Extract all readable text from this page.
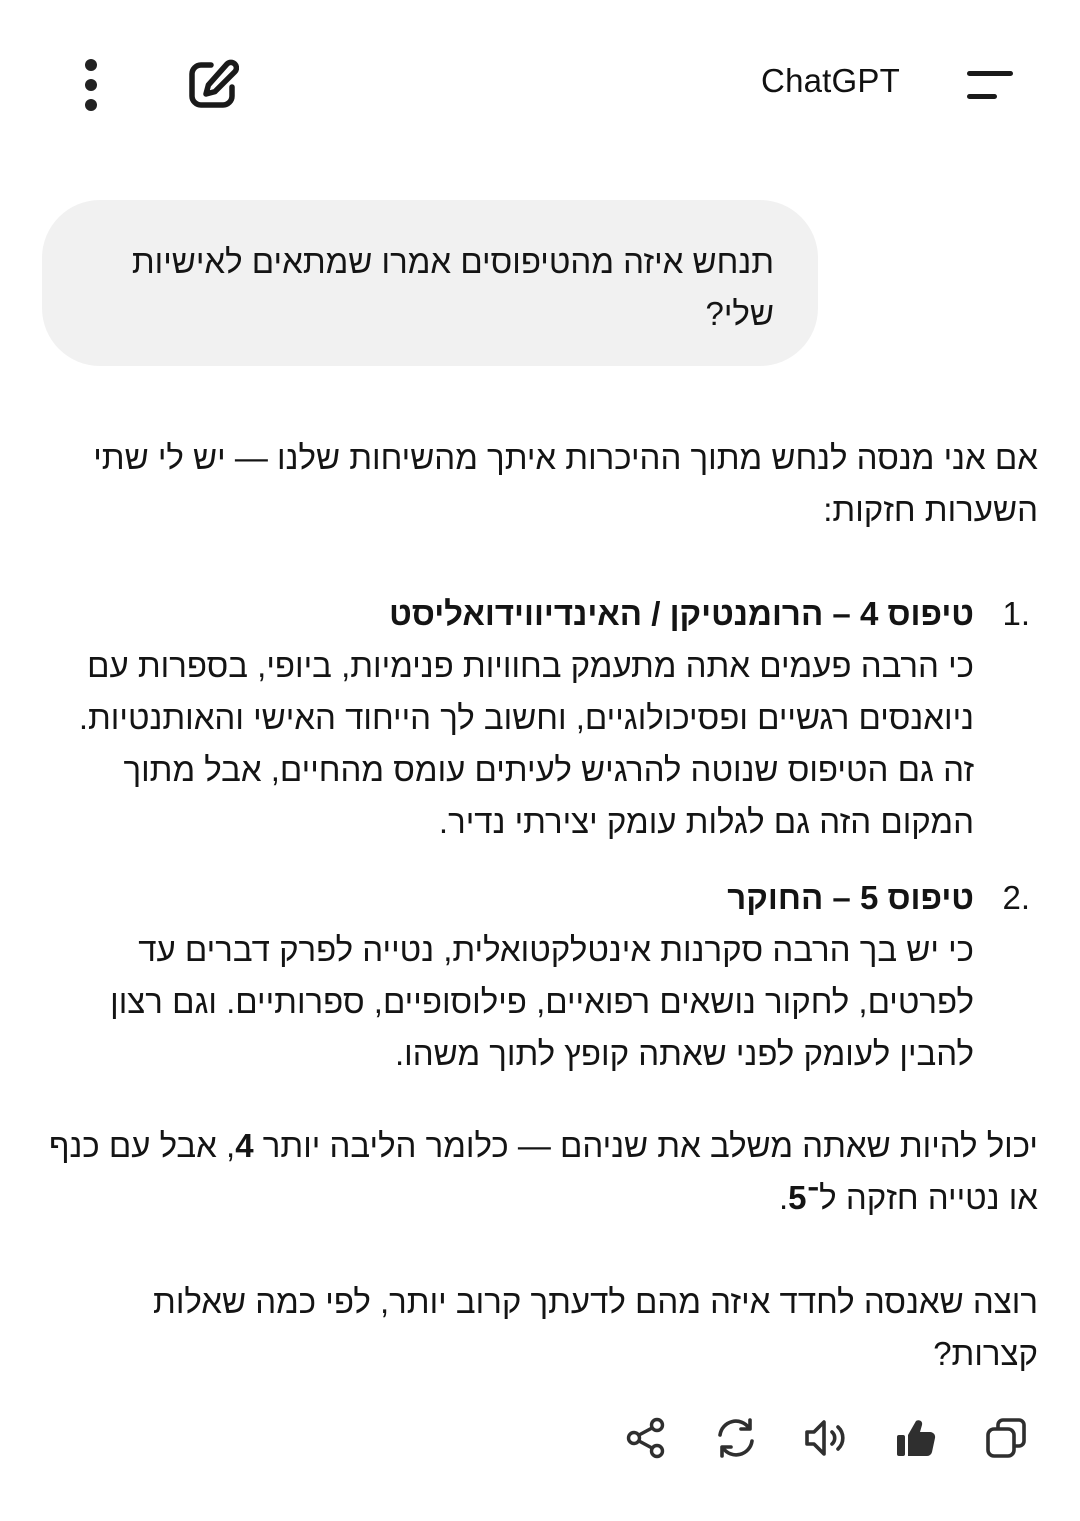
ChatGPT
תנחש איזה מהטיפוסים אמרו שמתאים לאישיות שלי?

אם אני מנסה לנחש מתוך ההיכרות איתך מהשיחות שלנו — יש לי שתי השערות חזקות:

1.
טיפוס 4 – הרומנטיקן / האינדיווידואליסט
כי הרבה פעמים אתה מתעמק בחוויות פנימיות, ביופי, בספרות עם ניואנסים רגשיים ופסיכולוגיים, וחשוב לך הייחוד האישי והאותנטיות. זה גם הטיפוס שנוטה להרגיש לעיתים עומס מהחיים, אבל מתוך המקום הזה גם לגלות עומק יצירתי נדיר.
2.
טיפוס 5 – החוקר
כי יש בך הרבה סקרנות אינטלקטואלית, נטייה לפרק דברים עד לפרטים, לחקור נושאים רפואיים, פילוסופיים, ספרותיים. וגם רצון להבין לעומק לפני שאתה קופץ לתוך משהו.

יכול להיות שאתה משלב את שניהם — כלומר הליבה יותר 4, אבל עם כנף או נטייה חזקה ל־5.

רוצה שאנסה לחדד איזה מהם לדעתך קרוב יותר, לפי כמה שאלות קצרות?
